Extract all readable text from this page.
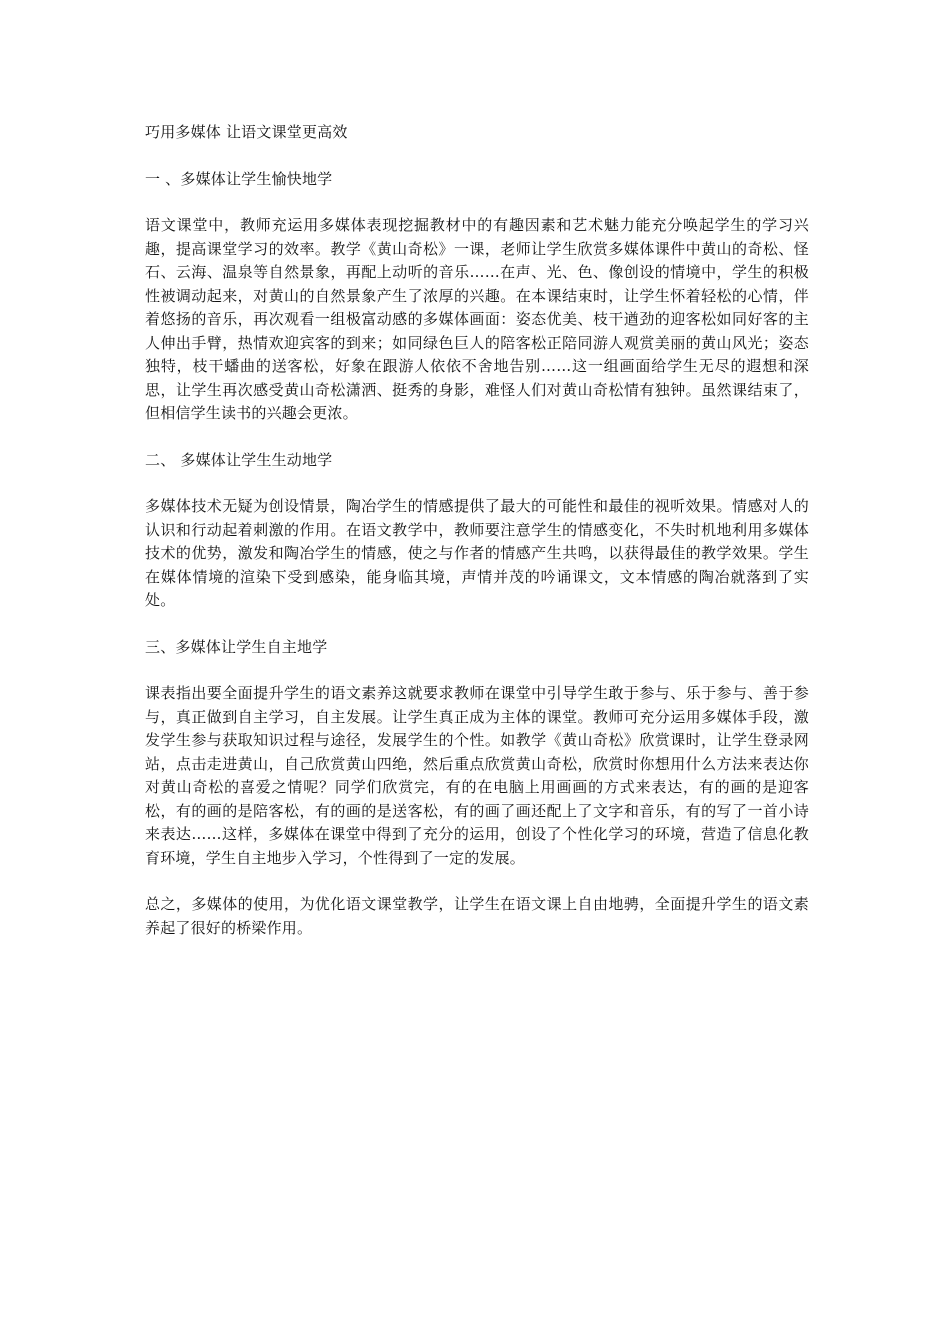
巧用多媒体 让语文课堂更高效
一 、多媒体让学生愉快地学

语文课堂中，教师充运用多媒体表现挖掘教材中的有趣因素和艺术魅力能充分唤起学生的学习兴趣，提高课堂学习的效率。教学《黄山奇松》一课，老师让学生欣赏多媒体课件中黄山的奇松、怪石、云海、温泉等自然景象，再配上动听的音乐……在声、光、色、像创设的情境中，学生的积极性被调动起来，对黄山的自然景象产生了浓厚的兴趣。在本课结束时，让学生怀着轻松的心情，伴着悠扬的音乐，再次观看一组极富动感的多媒体画面：姿态优美、枝干遒劲的迎客松如同好客的主人伸出手臂，热情欢迎宾客的到来；如同绿色巨人的陪客松正陪同游人观赏美丽的黄山风光；姿态独特，枝干蟠曲的送客松，好象在跟游人依依不舍地告别……这一组画面给学生无尽的遐想和深思，让学生再次感受黄山奇松潇洒、挺秀的身影，难怪人们对黄山奇松情有独钟。虽然课结束了，但相信学生读书的兴趣会更浓。

二、 多媒体让学生生动地学

多媒体技术无疑为创设情景，陶冶学生的情感提供了最大的可能性和最佳的视听效果。情感对人的认识和行动起着刺激的作用。在语文教学中，教师要注意学生的情感变化，不失时机地利用多媒体技术的优势，激发和陶冶学生的情感，使之与作者的情感产生共鸣，以获得最佳的教学效果。学生在媒体情境的渲染下受到感染，能身临其境，声情并茂的吟诵课文，文本情感的陶冶就落到了实处。

三、多媒体让学生自主地学

课表指出要全面提升学生的语文素养这就要求教师在课堂中引导学生敢于参与、乐于参与、善于参与，真正做到自主学习，自主发展。让学生真正成为主体的课堂。教师可充分运用多媒体手段，激发学生参与获取知识过程与途径，发展学生的个性。如教学《黄山奇松》欣赏课时，让学生登录网站，点击走进黄山，自己欣赏黄山四绝，然后重点欣赏黄山奇松，欣赏时你想用什么方法来表达你对黄山奇松的喜爱之情呢？同学们欣赏完，有的在电脑上用画画的方式来表达，有的画的是迎客松，有的画的是陪客松，有的画的是送客松，有的画了画还配上了文字和音乐，有的写了一首小诗来表达……这样，多媒体在课堂中得到了充分的运用，创设了个性化学习的环境，营造了信息化教育环境，学生自主地步入学习，个性得到了一定的发展。

总之，多媒体的使用，为优化语文课堂教学，让学生在语文课上自由地骋，全面提升学生的语文素养起了很好的桥梁作用。
